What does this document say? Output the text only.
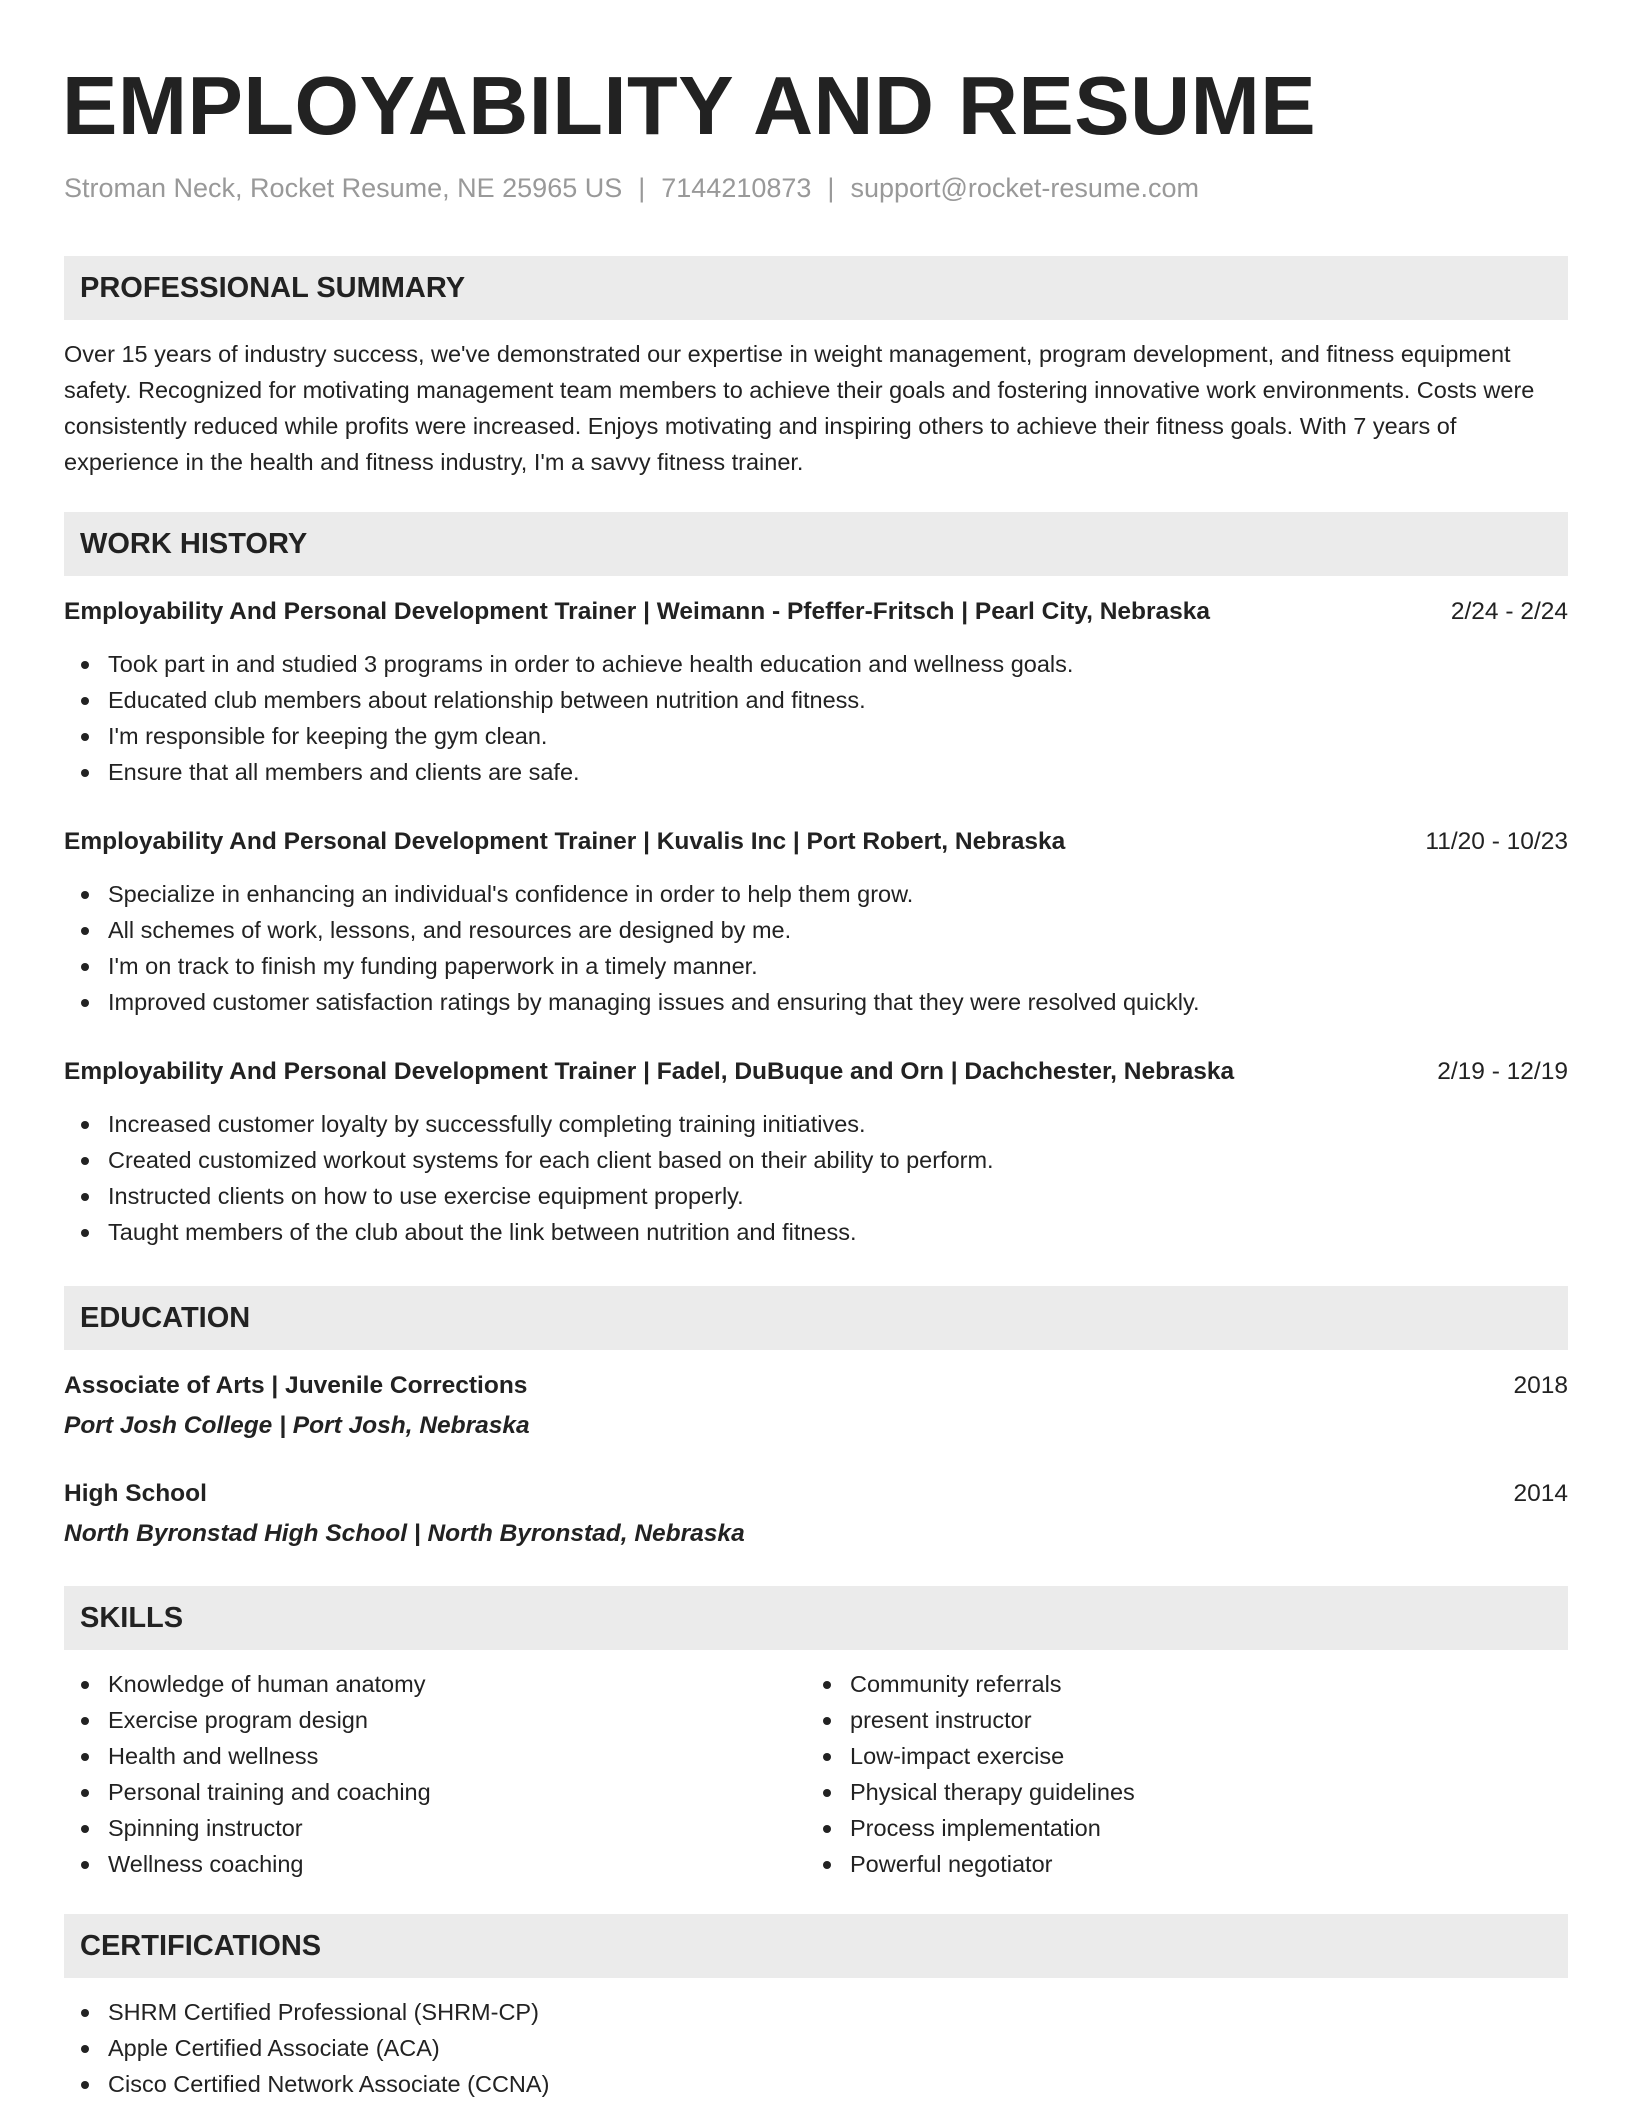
EMPLOYABILITY AND RESUME
Stroman Neck, Rocket Resume, NE 25965 US | 7144210873 | support@rocket-resume.com
PROFESSIONAL SUMMARY
Over 15 years of industry success, we've demonstrated our expertise in weight management, program development, and fitness equipment safety. Recognized for motivating management team members to achieve their goals and fostering innovative work environments. Costs were consistently reduced while profits were increased. Enjoys motivating and inspiring others to achieve their fitness goals. With 7 years of experience in the health and fitness industry, I'm a savvy fitness trainer.
WORK HISTORY
Employability And Personal Development Trainer | Weimann - Pfeffer-Fritsch | Pearl City, Nebraska	2/24 - 2/24
Took part in and studied 3 programs in order to achieve health education and wellness goals.
Educated club members about relationship between nutrition and fitness.
I'm responsible for keeping the gym clean.
Ensure that all members and clients are safe.
Employability And Personal Development Trainer | Kuvalis Inc | Port Robert, Nebraska	11/20 - 10/23
Specialize in enhancing an individual's confidence in order to help them grow.
All schemes of work, lessons, and resources are designed by me.
I'm on track to finish my funding paperwork in a timely manner.
Improved customer satisfaction ratings by managing issues and ensuring that they were resolved quickly.
Employability And Personal Development Trainer | Fadel, DuBuque and Orn | Dachchester, Nebraska	2/19 - 12/19
Increased customer loyalty by successfully completing training initiatives.
Created customized workout systems for each client based on their ability to perform.
Instructed clients on how to use exercise equipment properly.
Taught members of the club about the link between nutrition and fitness.
EDUCATION
Associate of Arts | Juvenile Corrections	2018
Port Josh College | Port Josh, Nebraska
High School	2014
North Byronstad High School | North Byronstad, Nebraska
SKILLS
Knowledge of human anatomy
Exercise program design
Health and wellness
Personal training and coaching
Spinning instructor
Wellness coaching
Community referrals
present instructor
Low-impact exercise
Physical therapy guidelines
Process implementation
Powerful negotiator
CERTIFICATIONS
SHRM Certified Professional (SHRM-CP)
Apple Certified Associate (ACA)
Cisco Certified Network Associate (CCNA)
